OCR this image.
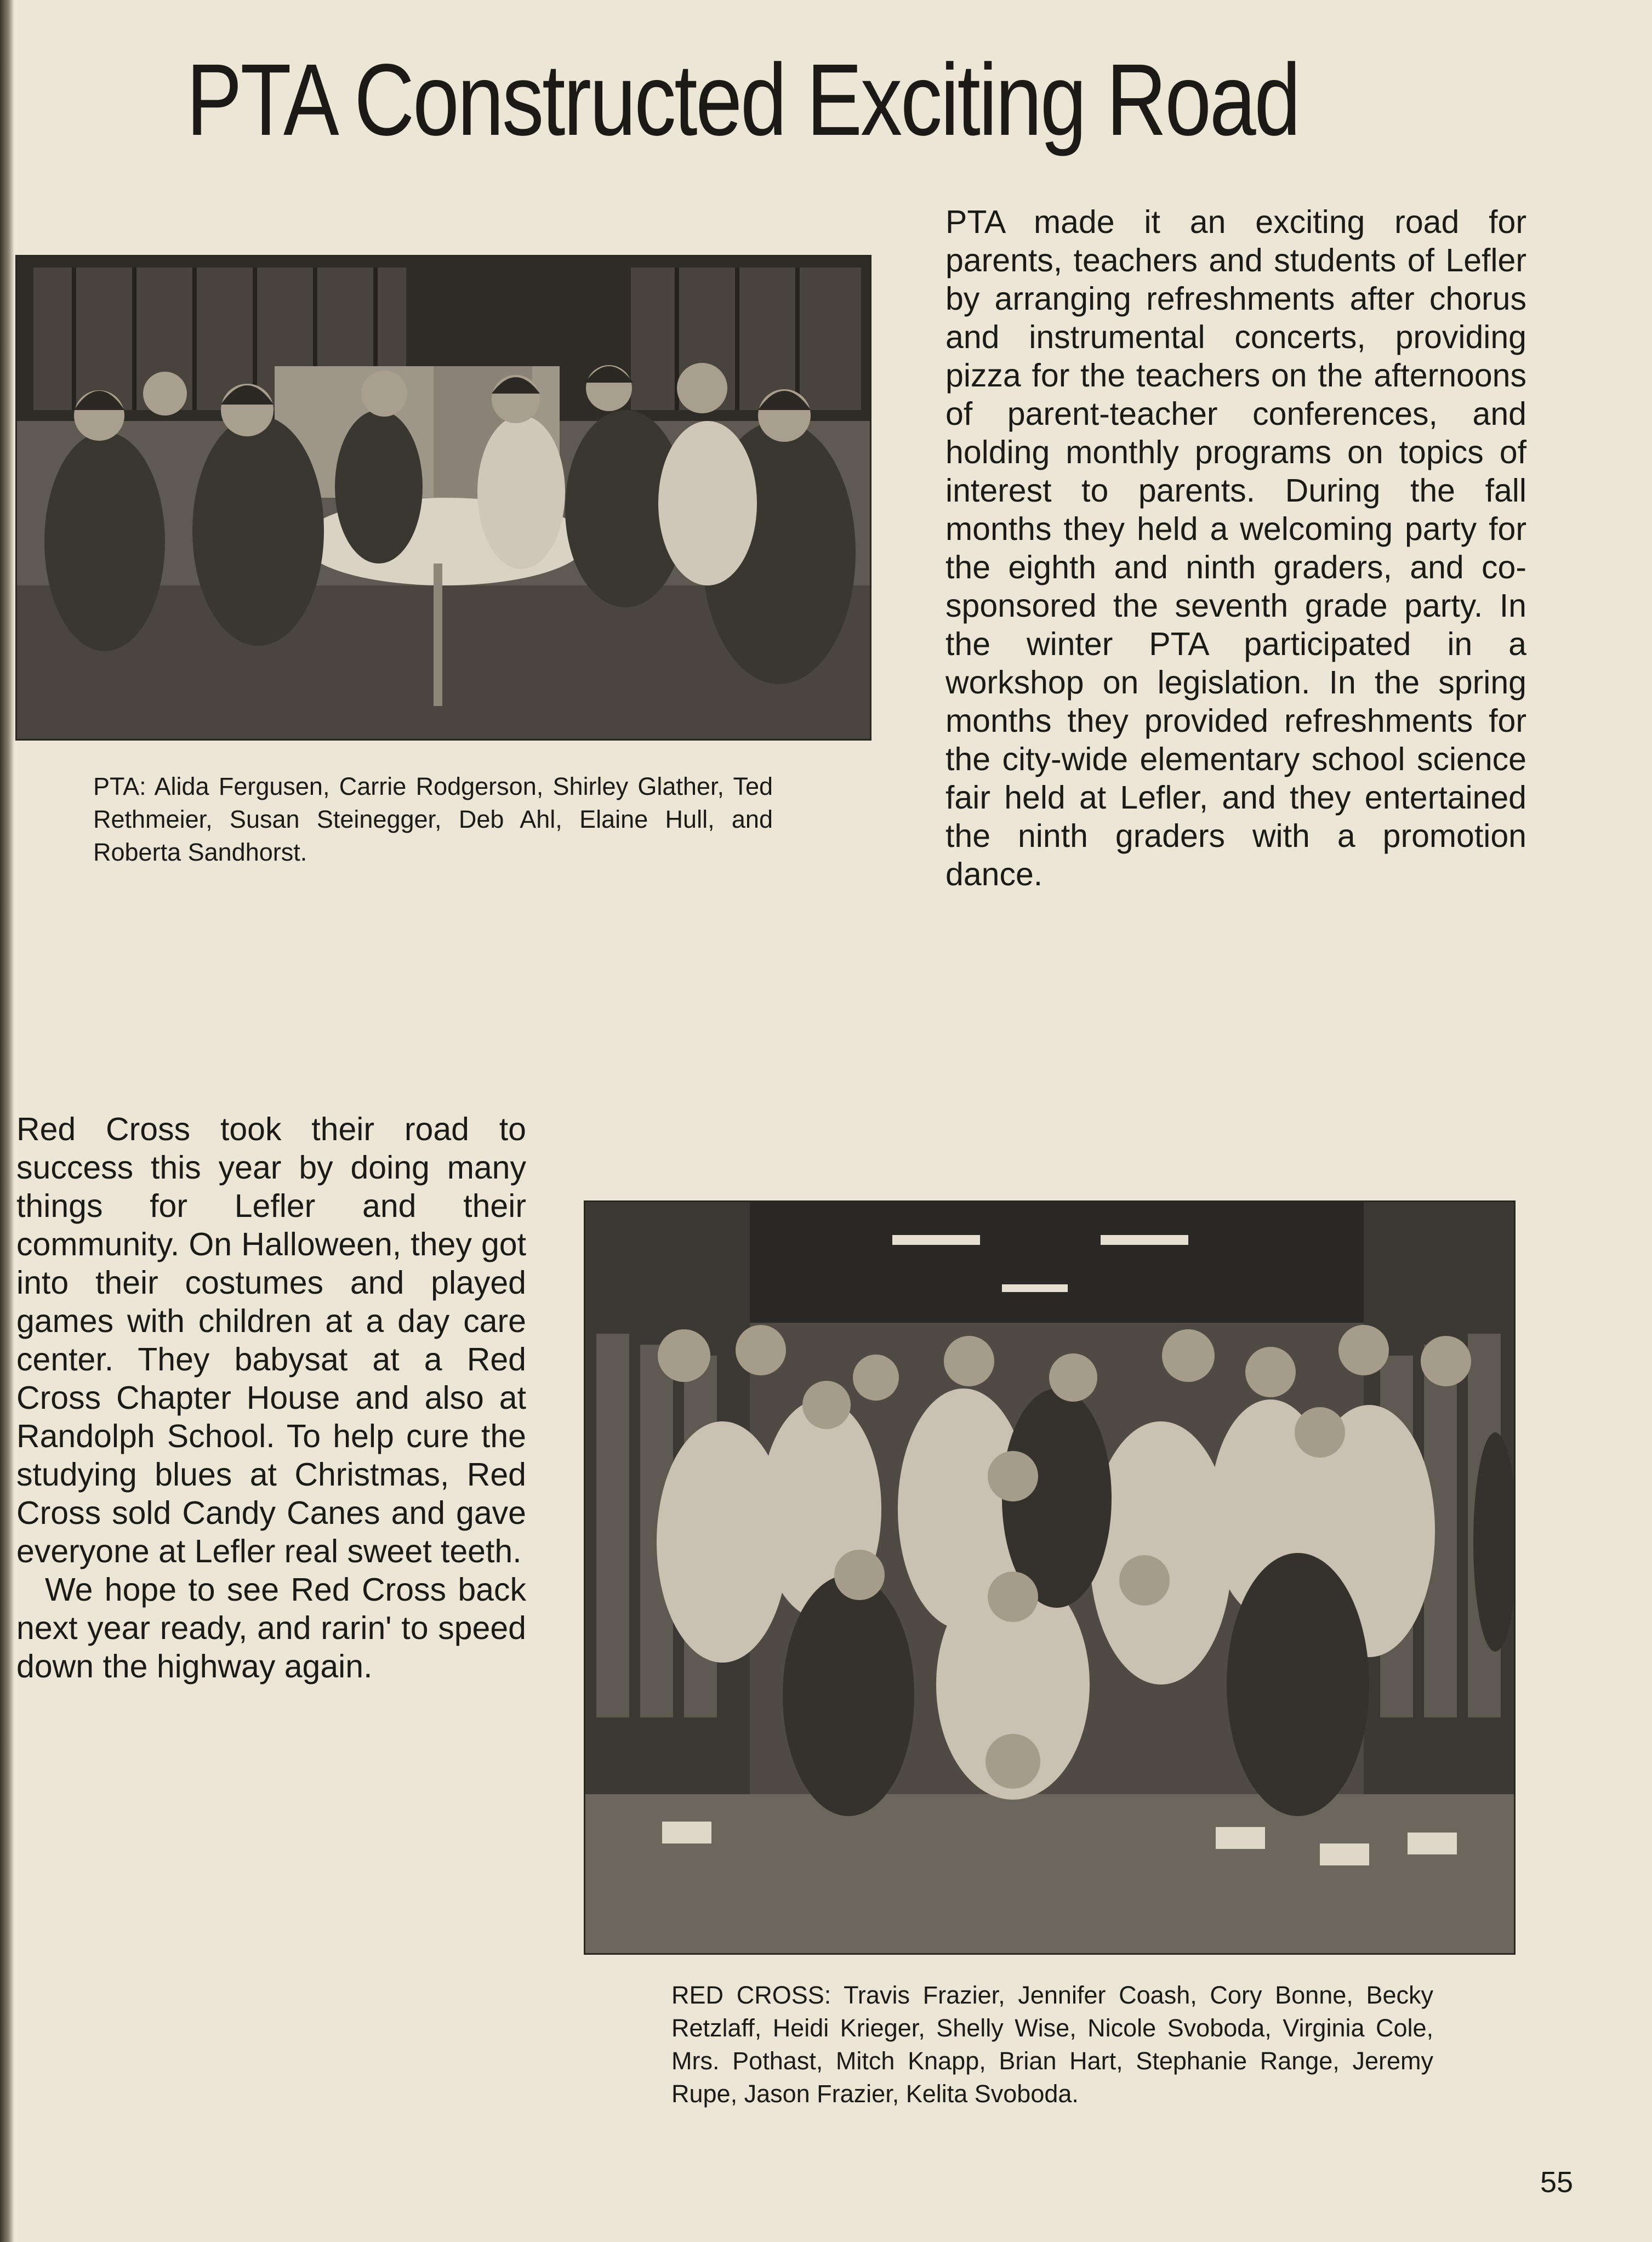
PTA Constructed Exciting Road
PTA: Alida Fergusen, Carrie Rodgerson, Shirley Glather, Ted Rethmeier, Susan Steinegger, Deb Ahl, Elaine Hull, and Roberta Sandhorst.

PTA made it an exciting road for parents, teachers and students of Lefler by arranging refreshments after chorus and instrumental concerts, providing pizza for the teachers on the afternoons of parent-teacher conferences, and holding monthly programs on topics of interest to parents. During the fall months they held a welcoming party for the eighth and ninth graders, and co-sponsored the seventh grade party. In the winter PTA participated in a workshop on legislation. In the spring months they provided refreshments for the city-wide elementary school science fair held at Lefler, and they entertained the ninth graders with a promotion dance.

Red Cross took their road to success this year by doing many things for Lefler and their community. On Halloween, they got into their costumes and played games with children at a day care center. They babysat at a Red Cross Chapter House and also at Randolph School. To help cure the studying blues at Christmas, Red Cross sold Candy Canes and gave everyone at Lefler real sweet teeth.

We hope to see Red Cross back next year ready, and rarin' to speed down the highway again.

RED CROSS: Travis Frazier, Jennifer Coash, Cory Bonne, Becky Retzlaff, Heidi Krieger, Shelly Wise, Nicole Svoboda, Virginia Cole, Mrs. Pothast, Mitch Knapp, Brian Hart, Stephanie Range, Jeremy Rupe, Jason Frazier, Kelita Svoboda.
55
